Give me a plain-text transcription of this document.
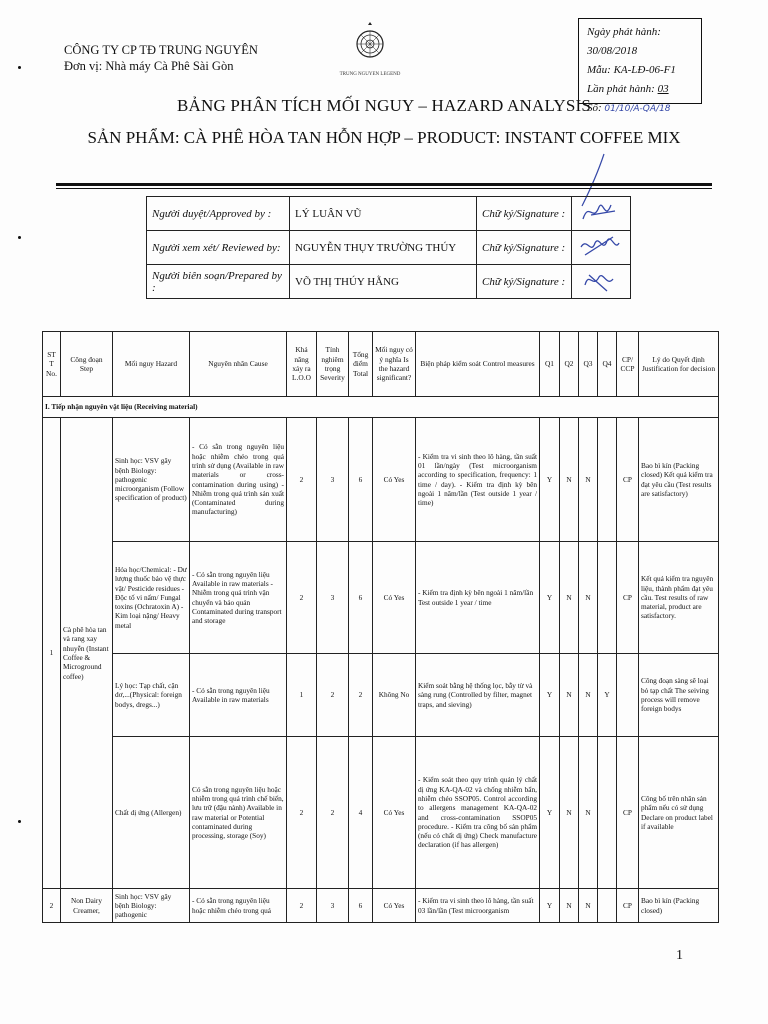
CÔNG TY CP TĐ TRUNG NGUYÊN
Đơn vị: Nhà máy Cà Phê Sài Gòn
TRUNG NGUYEN LEGEND
Ngày phát hành: 30/08/2018
Mẫu: KA-LĐ-06-F1
Lần phát hành: 03
Số: 01/10/A-QA/18
BẢNG PHÂN TÍCH MỐI NGUY – HAZARD ANALYSIS
SẢN PHẨM: CÀ PHÊ HÒA TAN HỖN HỢP – PRODUCT: INSTANT COFFEE MIX
Người duyệt/Approved by :	LÝ LUÂN VŨ	Chữ ký/Signature :	
Người xem xét/ Reviewed by:	NGUYỄN THỤY TRƯỜNG THÚY	Chữ ký/Signature :	
Người biên soạn/Prepared by :	VÕ THỊ THÚY HẰNG	Chữ ký/Signature :	
ST T No.	Công đoạn Step	Mối nguy Hazard	Nguyên nhân Cause	Khả năng xảy ra L.O.O	Tính nghiêm trọng Severity	Tổng điểm Total	Mối nguy có ý nghĩa Is the hazard significant?	Biện pháp kiểm soát Control measures	Q1	Q2	Q3	Q4	CP/ CCP	Lý do Quyết định Justification for decision
I. Tiếp nhận nguyên vật liệu (Receiving material)														
1	Cà phê hòa tan và rang xay nhuyễn (Instant Coffee & Microground coffee)	Sinh học: VSV gây bệnh Biology: pathogenic microorganism (Follow specification of product)	- Có sẵn trong nguyên liệu hoặc nhiễm chéo trong quá trình sử dụng (Available in raw materials or cross-contamination during using) - Nhiễm trong quá trình sản xuất (Contaminated during manufacturing)	2	3	6	Có Yes	- Kiểm tra vi sinh theo lô hàng, tần suất 01 lần/ngày (Test microorganism according to specification, frequency: 1 time / day). - Kiểm tra định kỳ bên ngoài 1 năm/lần (Test outside 1 year / time)	Y	N	N		CP	Bao bì kín (Packing closed) Kết quả kiểm tra đạt yêu cầu (Test results are satisfactory)
		Hóa học/Chemical: - Dư lượng thuốc bảo vệ thực vật/ Pesticide residues - Độc tố vi nấm/ Fungal toxins (Ochratoxin A) - Kim loại nặng/ Heavy metal	- Có sẵn trong nguyên liệu Available in raw materials - Nhiễm trong quá trình vận chuyển và bảo quản Contaminated during transport and storage	2	3	6	Có Yes	- Kiểm tra định kỳ bên ngoài 1 năm/lần Test outside 1 year / time	Y	N	N		CP	Kết quả kiểm tra nguyên liệu, thành phẩm đạt yêu cầu. Test results of raw material, product are satisfactory.
		Lý học: Tạp chất, cặn dơ,...(Physical: foreign bodys, dregs...)	- Có sẵn trong nguyên liệu Available in raw materials	1	2	2	Không No	Kiểm soát bằng hệ thống lọc, bẫy từ và sàng rung (Controlled by filter, magnet traps, and sieving)	Y	N	N	Y		Công đoạn sàng sẽ loại bỏ tạp chất The seiving process will remove foreign bodys
		Chất dị ứng (Allergen)	Có sẵn trong nguyên liệu hoặc nhiễm trong quá trình chế biến, lưu trữ (đậu nành) Available in raw material or Potential contaminated during processing, storage (Soy)	2	2	4	Có Yes	- Kiểm soát theo quy trình quản lý chất dị ứng KA-QA-02 và chống nhiễm bẩn, nhiễm chéo SSOP05. Control according to allergens management KA-QA-02 and cross-contamination SSOP05 procedure. - Kiểm tra công bố sản phẩm (nếu có chất dị ứng) Check manufacture declaration (if has allergen)	Y	N	N		CP	Công bố trên nhãn sản phẩm nếu có sử dụng Declare on product label if available
2	Non Dairy Creamer,	Sinh học: VSV gây bệnh Biology: pathogenic	- Có sẵn trong nguyên liệu hoặc nhiễm chéo trong quá	2	3	6	Có Yes	- Kiểm tra vi sinh theo lô hàng, tần suất 03 lần/lần (Test microorganism	Y	N	N		CP	Bao bì kín (Packing closed)
1
